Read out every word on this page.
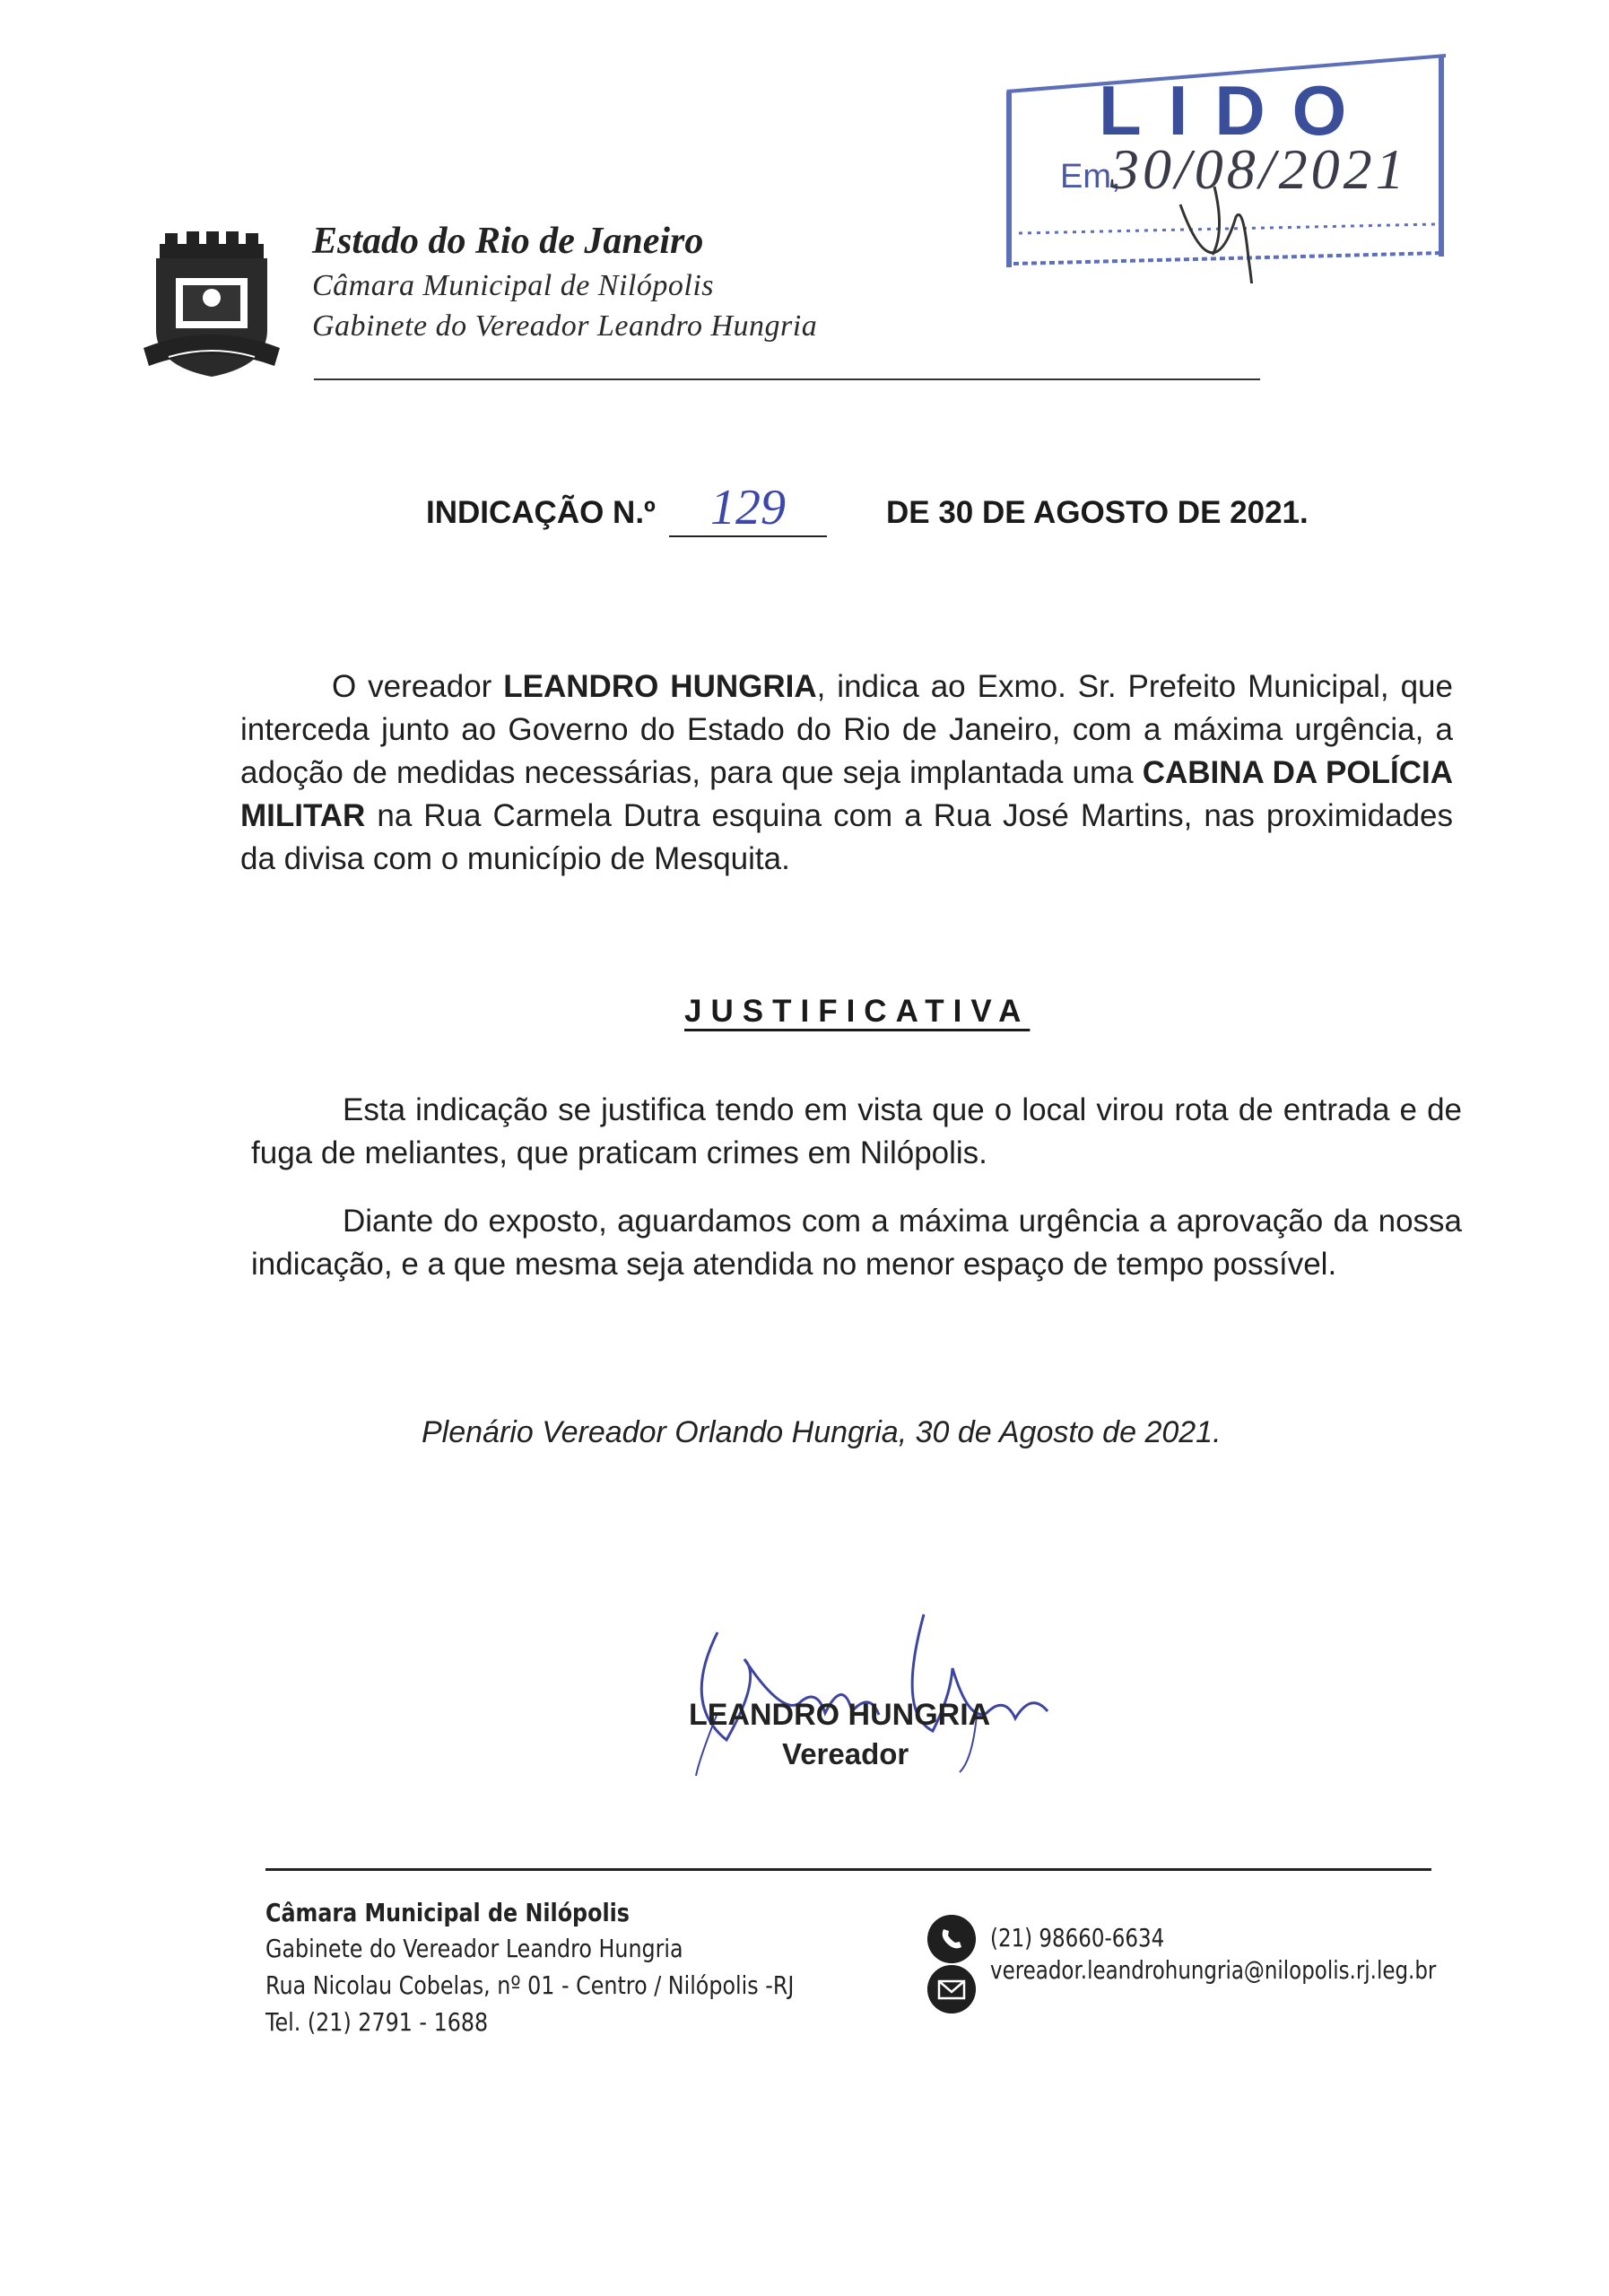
Estado do Rio de Janeiro
Câmara Municipal de Nilópolis
Gabinete do Vereador Leandro Hungria
LIDO
Em,
30/08/2021
INDICAÇÃO N.º	129	DE 30 DE AGOSTO DE 2021.
O vereador LEANDRO HUNGRIA, indica ao Exmo. Sr. Prefeito Municipal, que interceda junto ao Governo do Estado do Rio de Janeiro, com a máxima urgência, a adoção de medidas necessárias, para que seja implantada uma CABINA DA POLÍCIA MILITAR na Rua Carmela Dutra esquina com a Rua José Martins, nas proximidades da divisa com o município de Mesquita.
JUSTIFICATIVA
Esta indicação se justifica tendo em vista que o local virou rota de entrada e de fuga de meliantes, que praticam crimes em Nilópolis.
Diante do exposto, aguardamos com a máxima urgência a aprovação da nossa indicação, e a que mesma seja atendida no menor espaço de tempo possível.
Plenário Vereador Orlando Hungria, 30 de Agosto de 2021.
LEANDRO HUNGRIA
Vereador
Câmara Municipal de Nilópolis
Gabinete do Vereador Leandro Hungria
Rua Nicolau Cobelas, nº 01 - Centro / Nilópolis -RJ
Tel. (21) 2791 - 1688
(21) 98660-6634
vereador.leandrohungria@nilopolis.rj.leg.br
